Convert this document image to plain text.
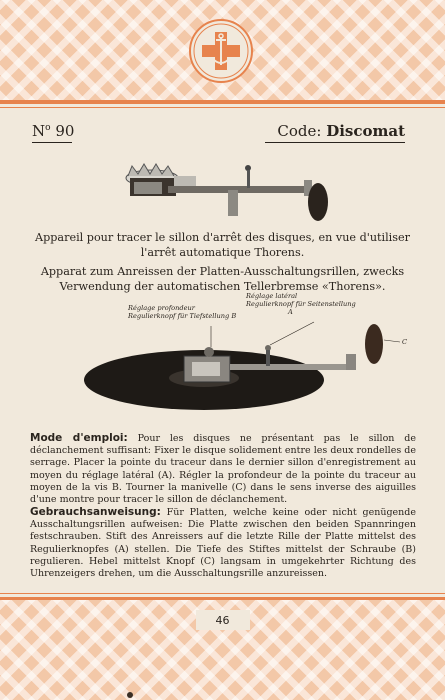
$N^o$ 90	Code: Discomat
Appareil pour tracer le sillon d'arrêt des disques, en vue d'utiliser l'arrêt automatique Thorens.
Apparat zum Anreissen der Platten-Ausschaltungsrillen, zwecks Verwendung der automatischen Tellerbremse «Thorens».
Réglage profondeur
Regulierknopf für Tiefstellung B
Réglage latéral
Regulierknopf für Seitenstellung
A
C
Mode d'emploi: Pour les disques ne présentant pas le sillon de déclanchement suffisant: Fixer le disque solidement entre les deux rondelles de serrage. Placer la pointe du traceur dans le dernier sillon d'enregistrement au moyen du réglage latéral (A). Régler la profondeur de la pointe du traceur au moyen de la vis B. Tourner la manivelle (C) dans le sens inverse des aiguilles d'une montre pour tracer le sillon de déclanchement.
Gebrauchsanweisung: Für Platten, welche keine oder nicht genügende Ausschaltungsrillen aufweisen: Die Platte zwischen den beiden Spannringen festschrauben. Stift des Anreissers auf die letzte Rille der Platte mittelst des Regulierknopfes (A) stellen. Die Tiefe des Stiftes mittelst der Schraube (B) regulieren. Hebel mittelst Knopf (C) langsam in umgekehrter Richtung des Uhrenzeigers drehen, um die Ausschaltungsrille anzureissen.
46
